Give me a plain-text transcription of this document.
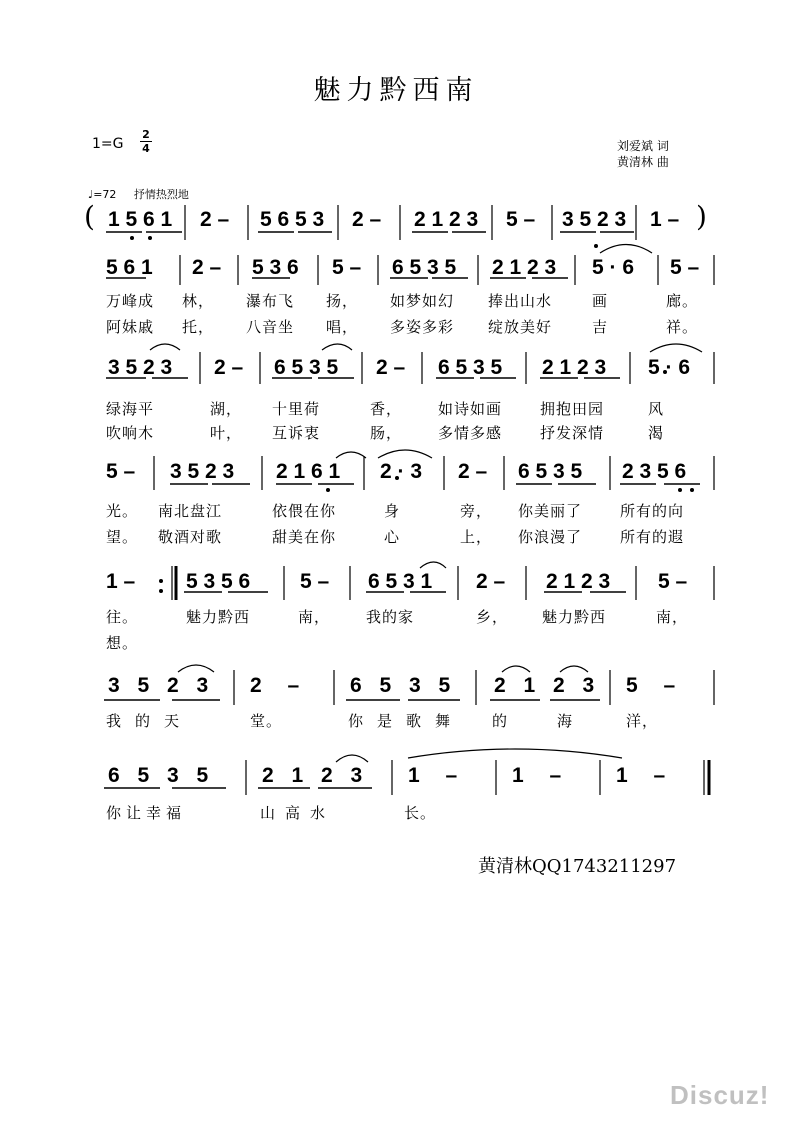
魅力黔西南
1=G
2
4	刘爱斌 词
黄清林 曲
♩=72 抒情热烈地
(	)
1 5 6 1 2 – 5 6 5 3 2 – 2 1 2 3 5 – 3 5 2 3 1 –
5 6 1 2 – 5 3 6 5 – 6 5 3 5 2 1 2 3 5 · 6 5 –
万峰成 林， 瀑布飞 扬， 如梦如幻 捧出山水	画	廊。
阿妹戚 托， 八音坐 唱， 多姿多彩 绽放美好	吉	祥。
3 5 2 3 2 – 6 5 3 5 2 – 6 5 3 5 2 1 2 3 5 · 6
绿海平	湖， 十里荷	香， 如诗如画	拥抱田园	风
吹响木	叶， 互诉衷	肠， 多情多感	抒发深情	渴
5 – 3 5 2 3 2 1 6 1 2 · 3 2 – 6 5 3 5 2 3 5 6
光。 南北盘江	依偎在你	身	旁， 你美丽了	所有的向
望。 敬酒对歌	甜美在你	心	上， 你浪漫了	所有的遐
1 – 5 3 5 6 5 – 6 5 3 1 2 – 2 1 2 3 5 –
往。	魅力黔西	南， 我的家	乡， 魅力黔西	南，
想。
3 5 2 3 2 – 6 5 3 5 2 1 2 3 5 –
我的天	堂。	你是歌舞 的海 洋，
6 5 3 5 2 1 2 3 1 – 1 – 1 –
你让幸福	山高水	长。
黄清林QQ1743211297
Discuz!
